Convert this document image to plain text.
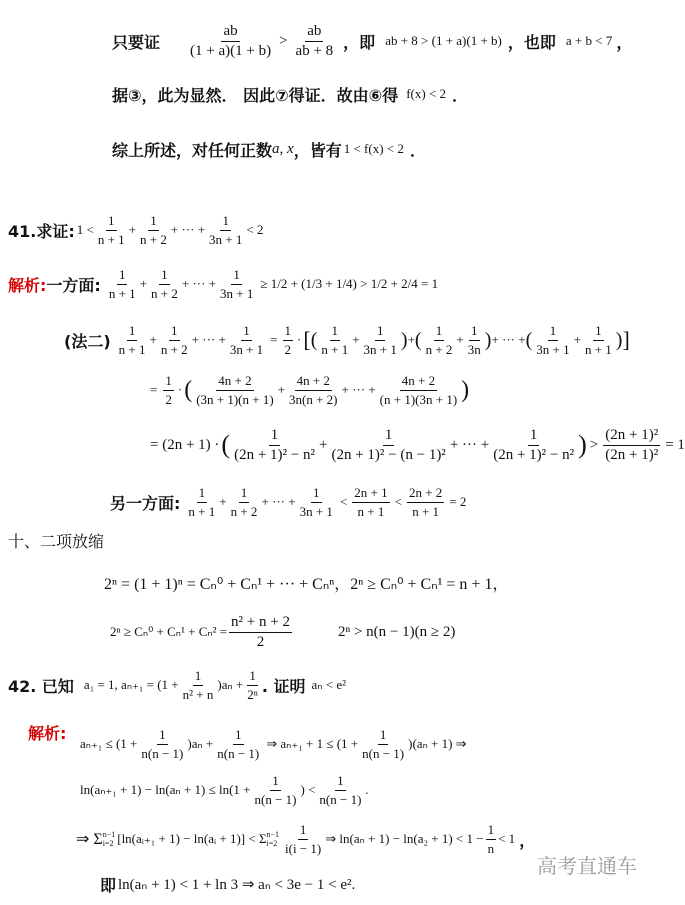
只要证 $\frac{ab}{(1 + a)(1 + b)} > \frac{ab}{ab + 8}$ ，即 ab + 8 > (1 + a)(1 + b) ，也即 a + b < 7 ，
据③，此为显然． 因此⑦得证．故由⑥得 f(x) < 2 ．
综上所述，对任何正数 a, x ，皆有 1 < f(x) < 2 ．
41.求证: $1 < \frac{1}{n + 1} + \frac{1}{n + 2}$ + ··· + $\frac{1}{3n + 1} < 2$
解析: 一方面: $\frac{1}{n + 1} + \frac{1}{n + 2}$ + ··· + $\frac{1}{3n + 1} \ge 1/2 + (1/3 + 1/4) > 1/2 + 2/4 = 1$
(法二) $\frac{1}{n + 1} + \frac{1}{n + 2}$ + ··· + $\frac{1}{3n + 1} = \frac{1}{2}$ · [ ( $\frac{1}{n + 1} + \frac{1}{3n + 1}$ ) + ( $\frac{1}{n + 2} + \frac{1}{3n}$ ) + ··· + ( $\frac{1}{3n + 1} + \frac{1}{n + 1}$ ) ]
= $\frac{1}{2}$ · ( $\frac{4n + 2}{(3n + 1)(n + 1)} + \frac{4n + 2}{3n(n + 2)}$ + ··· + $\frac{4n + 2}{(n + 1)(3n + 1)}$ )
= (2n + 1) · ( $\frac{1}{\text{(2n + 1)² − n²}} + \frac{1}{\text{(2n + 1)² − (n − 1)²}}$ + ··· + $\frac{1}{\text{(2n + 1)² − n²}}$ ) > $\frac{\text{(2n + 1)²}}{\text{(2n + 1)²}} = 1$
另一方面: $\frac{1}{n + 1} + \frac{1}{n + 2}$ + ··· + $\frac{1}{3n + 1} < \frac{2n + 1}{n + 1} < \frac{2n + 2}{n + 1} = 2$
十、二项放缩
2ⁿ = (1 + 1)ⁿ = Cₙ⁰ + Cₙ¹ + ··· + Cₙⁿ，2ⁿ ≥ Cₙ⁰ + Cₙ¹ = n + 1，
$2^n \ge C_n^0 + C_n^1 + C_n^2 = \frac{\text{n² + n + 2}}{2}$	2ⁿ > n(n − 1)(n ≥ 2)
42. 已知 a₁ = 1, $a_{n+1} = (1 + \frac{1}{\text{n² + n}} )a_n + \frac{1}{\text{2ⁿ}}$ . 证明 aₙ < e²
解析:
$a_{n+1} \le (1 + \frac{1}{n(n - 1)} )a_n + \frac{1}{n(n - 1)}$ ⇒ $a_{n+1} + 1 \le (1 + \frac{1}{n(n - 1)} )(a_n + 1)$ ⇒
$\ln(a_{n+1} + 1) - \ln(a_n + 1) \le \ln(1 + \frac{1}{n(n - 1)}$ ) < $\frac{1}{n(n - 1)}$ .
⇒ Σ n−1
i=2 [ln(aᵢ₊₁ + 1) − ln(aᵢ + 1)] < Σ n−1
$i=2 \frac{1}{i(i - 1)}$ ⇒ $\ln(a_n + 1) - \ln(a_2 + 1) < 1 - \frac{1}{n} < 1$ ，
即 ln(aₙ + 1) < 1 + ln 3 ⇒ aₙ < 3e − 1 < e².
高考直通车
